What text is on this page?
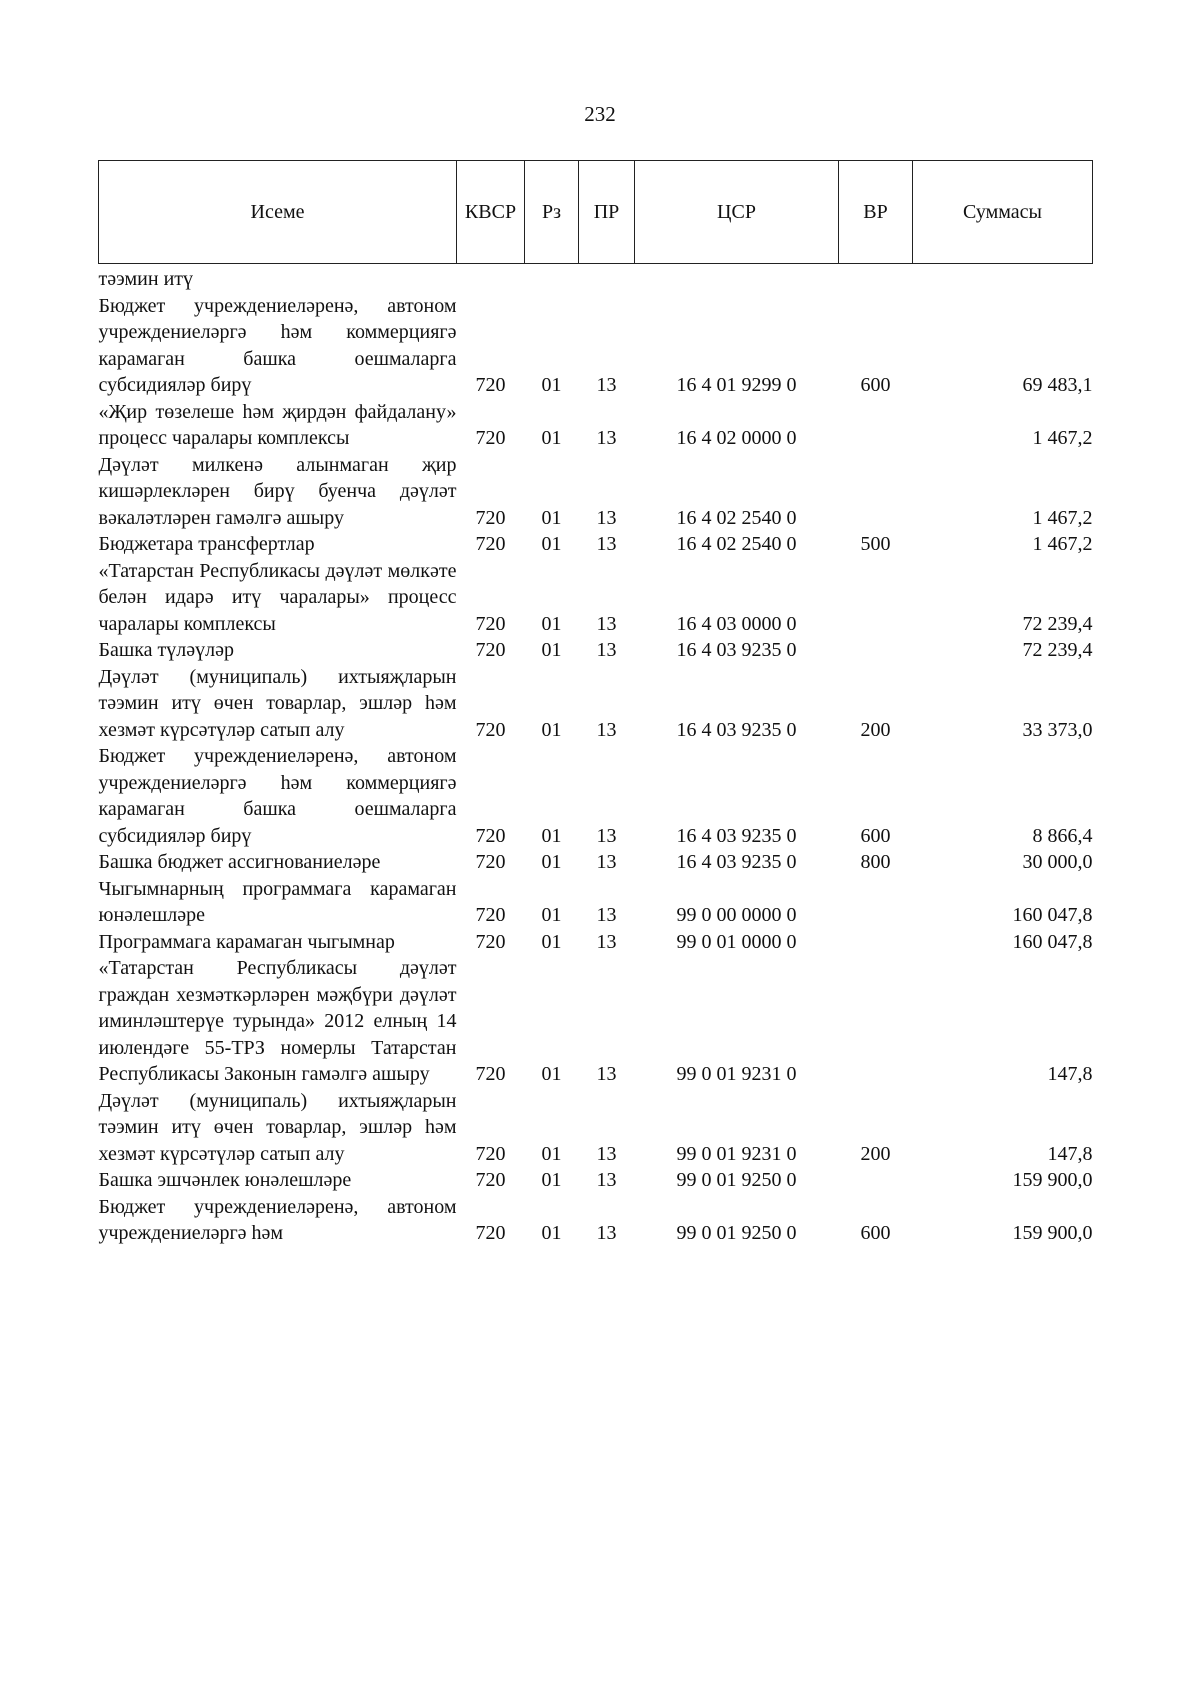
232
Исеме	КВСР	Рз	ПР	ЦСР	ВР	Суммасы
тәэмин итү						
Бюджет учреждениеләренә, автоном учреждениеләргә һәм коммерциягә карамаган башка оешмаларга субсидияләр бирү	720	01	13	16 4 01 9299 0	600	69 483,1
«Җир төзелеше һәм җирдән файдалану» процесс чаралары комплексы	720	01	13	16 4 02 0000 0		1 467,2
Дәүләт милкенә алынмаган җир кишәрлекләрен бирү буенча дәүләт вәкаләтләрен гамәлгә ашыру	720	01	13	16 4 02 2540 0		1 467,2
Бюджетара трансфертлар	720	01	13	16 4 02 2540 0	500	1 467,2
«Татарстан Республикасы дәүләт мөлкәте белән идарә итү чаралары» процесс чаралары комплексы	720	01	13	16 4 03 0000 0		72 239,4
Башка түләүләр	720	01	13	16 4 03 9235 0		72 239,4
Дәүләт (муниципаль) ихтыяҗларын тәэмин итү өчен товарлар, эшләр һәм хезмәт күрсәтүләр сатып алу	720	01	13	16 4 03 9235 0	200	33 373,0
Бюджет учреждениеләренә, автоном учреждениеләргә һәм коммерциягә карамаган башка оешмаларга субсидияләр бирү	720	01	13	16 4 03 9235 0	600	8 866,4
Башка бюджет ассигнованиеләре	720	01	13	16 4 03 9235 0	800	30 000,0
Чыгымнарның программага карамаган юнәлешләре	720	01	13	99 0 00 0000 0		160 047,8
Программага карамаган чыгымнар	720	01	13	99 0 01 0000 0		160 047,8
«Татарстан Республикасы дәүләт граждан хезмәткәрләрен мәҗбүри дәүләт иминләштерүе турында» 2012 елның 14 июлендәге 55-ТРЗ номерлы Татарстан Республикасы Законын гамәлгә ашыру	720	01	13	99 0 01 9231 0		147,8
Дәүләт (муниципаль) ихтыяҗларын тәэмин итү өчен товарлар, эшләр һәм хезмәт күрсәтүләр сатып алу	720	01	13	99 0 01 9231 0	200	147,8
Башка эшчәнлек юнәлешләре	720	01	13	99 0 01 9250 0		159 900,0
Бюджет учреждениеләренә, автоном учреждениеләргә һәм	720	01	13	99 0 01 9250 0	600	159 900,0
